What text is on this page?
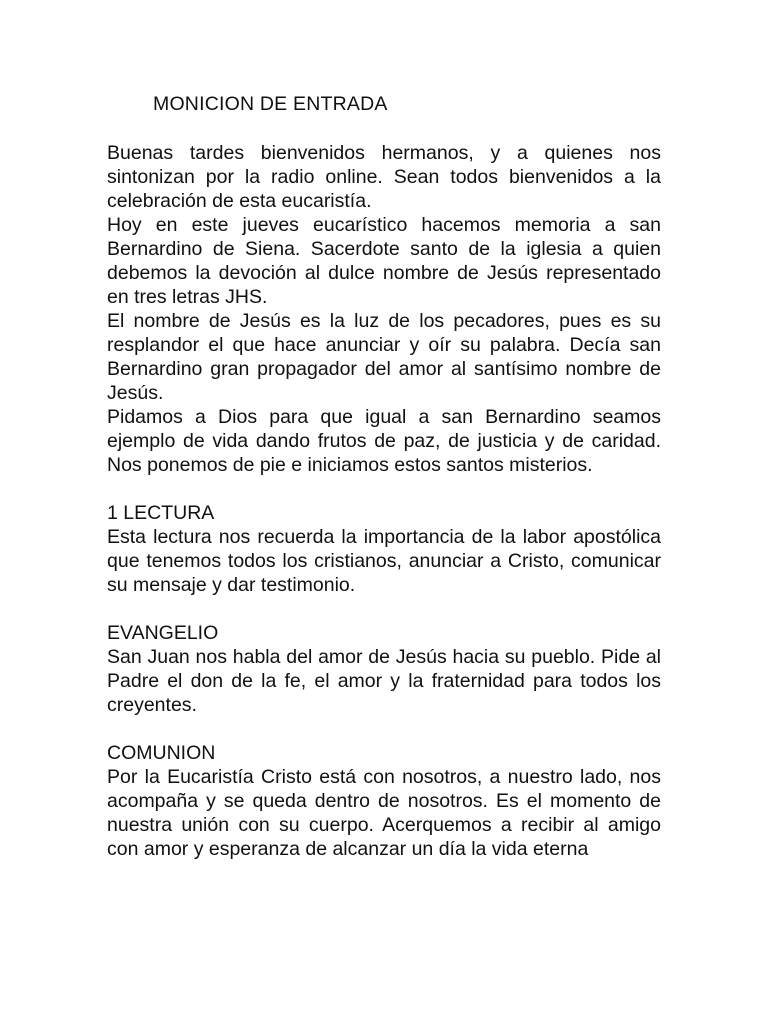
MONICION DE ENTRADA

Buenas tardes bienvenidos hermanos, y a quienes nos sintonizan por la radio online. Sean todos bienvenidos a la celebración de esta eucaristía.

Hoy en este jueves eucarístico hacemos memoria a san Bernardino de Siena. Sacerdote santo de la iglesia a quien debemos la devoción al dulce nombre de Jesús representado en tres letras JHS.

El nombre de Jesús es la luz de los pecadores, pues es su resplandor el que hace anunciar y oír su palabra. Decía san Bernardino gran propagador del amor al santísimo nombre de Jesús.

Pidamos a Dios para que igual a san Bernardino seamos ejemplo de vida dando frutos de paz, de justicia y de caridad. Nos ponemos de pie e iniciamos estos santos misterios.

1 LECTURA

Esta lectura nos recuerda la importancia de la labor apostólica que tenemos todos los cristianos, anunciar a Cristo, comunicar su mensaje y dar testimonio.

EVANGELIO

San Juan nos habla del amor de Jesús hacia su pueblo. Pide al Padre el don de la fe, el amor y la fraternidad para todos los creyentes.

COMUNION

Por la Eucaristía Cristo está con nosotros, a nuestro lado, nos acompaña y se queda dentro de nosotros. Es el momento de nuestra unión con su cuerpo. Acerquemos a recibir al amigo con amor y esperanza de alcanzar un día la vida eterna
